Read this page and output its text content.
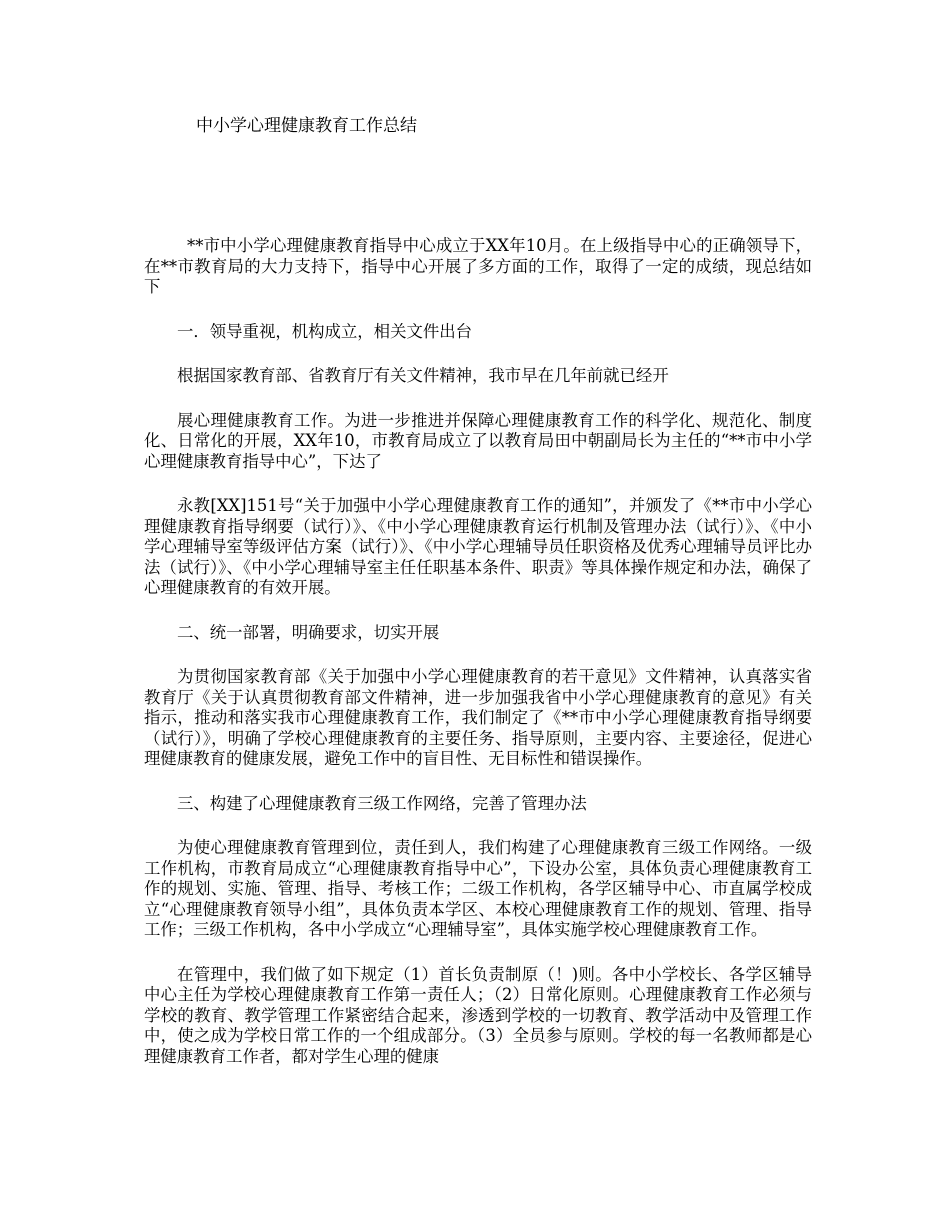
中小学心理健康教育工作总结

**市中小学心理健康教育指导中心成立于XX年10月。在上级指导中心的正确领导下，在**市教育局的大力支持下，指导中心开展了多方面的工作，取得了一定的成绩，现总结如下

一．领导重视，机构成立，相关文件出台

根据国家教育部、省教育厅有关文件精神，我市早在几年前就已经开

展心理健康教育工作。为进一步推进并保障心理健康教育工作的科学化、规范化、制度化、日常化的开展，XX年10，市教育局成立了以教育局田中朝副局长为主任的“**市中小学心理健康教育指导中心”，下达了

永教[XX]151号“关于加强中小学心理健康教育工作的通知”，并颁发了《**市中小学心理健康教育指导纲要（试行）》、《中小学心理健康教育运行机制及管理办法（试行）》、《中小学心理辅导室等级评估方案（试行）》、《中小学心理辅导员任职资格及优秀心理辅导员评比办法（试行）》、《中小学心理辅导室主任任职基本条件、职责》等具体操作规定和办法，确保了心理健康教育的有效开展。

二、统一部署，明确要求，切实开展

为贯彻国家教育部《关于加强中小学心理健康教育的若干意见》文件精神，认真落实省教育厅《关于认真贯彻教育部文件精神，进一步加强我省中小学心理健康教育的意见》有关指示，推动和落实我市心理健康教育工作，我们制定了《**市中小学心理健康教育指导纲要（试行）》，明确了学校心理健康教育的主要任务、指导原则，主要内容、主要途径，促进心理健康教育的健康发展，避免工作中的盲目性、无目标性和错误操作。

三、构建了心理健康教育三级工作网络，完善了管理办法

为使心理健康教育管理到位，责任到人，我们构建了心理健康教育三级工作网络。一级工作机构，市教育局成立“心理健康教育指导中心”，下设办公室，具体负责心理健康教育工作的规划、实施、管理、指导、考核工作；二级工作机构，各学区辅导中心、市直属学校成立“心理健康教育领导小组”，具体负责本学区、本校心理健康教育工作的规划、管理、指导工作；三级工作机构，各中小学成立“心理辅导室”，具体实施学校心理健康教育工作。

在管理中，我们做了如下规定（1）首长负责制原（！)则。各中小学校长、各学区辅导中心主任为学校心理健康教育工作第一责任人；（2）日常化原则。心理健康教育工作必须与学校的教育、教学管理工作紧密结合起来，渗透到学校的一切教育、教学活动中及管理工作中，使之成为学校日常工作的一个组成部分。（3）全员参与原则。学校的每一名教师都是心理健康教育工作者，都对学生心理的健康
